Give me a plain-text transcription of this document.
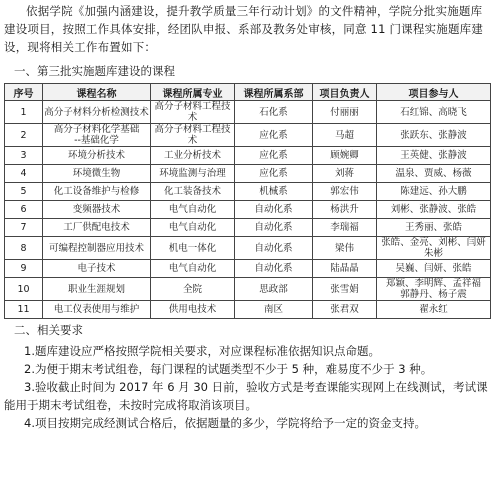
依据学院《加强内涵建设，提升教学质量三年行动计划》的文件精神，学院分批实施题库建设项目，按照工作具体安排，经团队申报、系部及教务处审核，同意 11 门课程实施题库建设，现将相关工作布置如下：

一、第三批实施题库建设的课程

序号	课程名称	课程所属专业	课程所属系部	项目负责人	项目参与人
1	高分子材料分析检测技术	高分子材料工程技术	石化系	付丽丽	石红锦、高晓飞
2	高分子材料化学基础
--基础化学	高分子材料工程技术	应化系	马超	张跃东、张静波
3	环境分析技术	工业分析技术	应化系	顾婉卿	王英健、张静波
4	环境微生物	环境监测与治理	应化系	刘蒋	温泉、贾威、杨薇
5	化工设备维护与检修	化工装备技术	机械系	郭宏伟	陈建远、孙大鹏
6	变频器技术	电气自动化	自动化系	杨洪升	刘彬、张静波、张皓
7	工厂供配电技术	电气自动化	自动化系	李瑞福	王秀丽、张皓
8	可编程控制器应用技术	机电一体化	自动化系	梁伟	张皓、金亮、刘彬、闫妍
朱彬
9	电子技术	电气自动化	自动化系	陆晶晶	吴巍、闫妍、张皓
10	职业生涯规划	全院	思政部	张雪娟	郑颖、李明辉、孟祥福
郭静丹、杨子震
11	电工仪表使用与维护	供用电技术	南区	张君双	翟永红

二、相关要求

1.题库建设应严格按照学院相关要求，对应课程标准依据知识点命题。

2.为便于期末考试组卷，每门课程的试题类型不少于 5 种，难易度不少于 3 种。

3.验收截止时间为 2017 年 6 月 30 日前，验收方式是考查课能实现网上在线测试，考试课能用于期末考试组卷，未按时完成将取消该项目。

4.项目按期完成经测试合格后，依据题量的多少，学院将给予一定的资金支持。
